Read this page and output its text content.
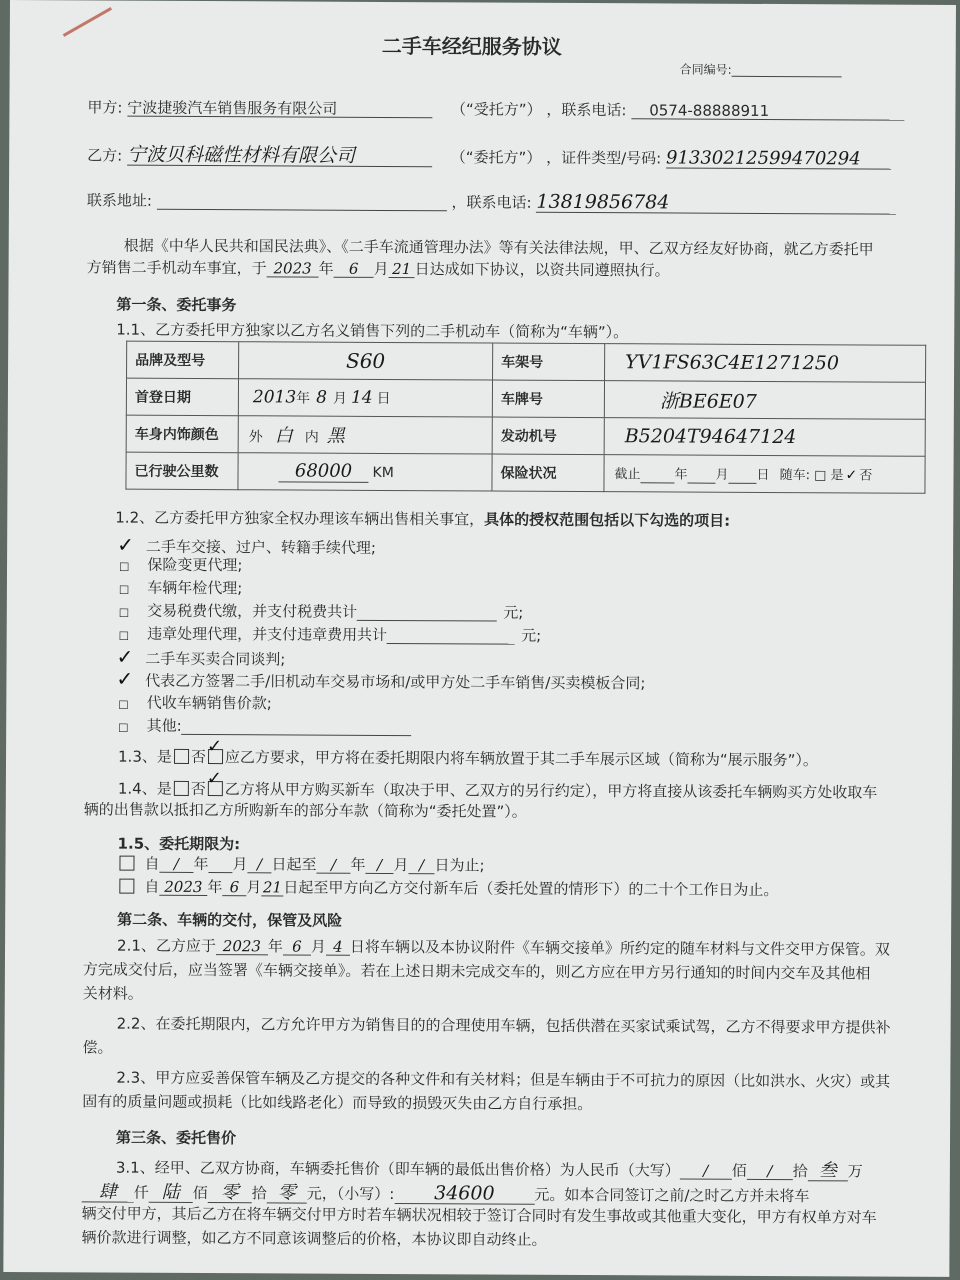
二手车经纪服务协议
合同编号:
甲方: 宁波捷骏汽车销售服务有限公司	（“受托方”） ，联系电话: 0574-88888911
乙方: 宁波贝科磁性材料有限公司	（“委托方”） ，证件类型/号码: 91330212599470294
联系地址:	，联系电话: 13819856784
根据《中华人民共和国民法典》、《二手车流通管理办法》等有关法律法规，甲、乙双方经友好协商，就乙方委托甲
方销售二手机动车事宜，于 2023 年 6 月 21 日达成如下协议，以资共同遵照执行。
第一条、委托事务
1.1、乙方委托甲方独家以乙方名义销售下列的二手机动车（简称为“车辆”）。
品牌及型号	S60	车架号	YV1FS63C4E1271250
首登日期	2013年 8 月 14 日	车牌号	浙BE6E07
车身内饰颜色	外 白 内 黑	发动机号	B5204T94647124
已行驶公里数	68000 KM	保险状况	截止 年 月 日 随车: □ 是 ✓ 否
1.2、乙方委托甲方独家全权办理该车辆出售相关事宜，具体的授权范围包括以下勾选的项目:
✓ 二手车交接、过户、转籍手续代理;
□ 保险变更代理;
□ 车辆年检代理;
□ 交易税费代缴，并支付税费共计	元;
□ 违章处理代理，并支付违章费用共计	元;
✓ 二手车买卖合同谈判;
✓ 代表乙方签署二手/旧机动车交易市场和/或甲方处二手车销售/买卖模板合同;
□ 代收车辆销售价款;
□ 其他:
1.3、是 否 ✓
应乙方要求，甲方将在委托期限内将车辆放置于其二手车展示区域（简称为“展示服务”）。
1.4、是 否 ✓
乙方将从甲方购买新车（取决于甲、乙双方的另行约定），甲方将直接从该委托车辆购买方处收取车
辆的出售款以抵扣乙方所购新车的部分车款（简称为“委托处置”）。
1.5、委托期限为:
自 / 年 月 / 日起至 / 年 / 月 / 日为止;
自 2023 年 6 月21日起至甲方向乙方交付新车后（委托处置的情形下）的二十个工作日为止。
第二条、车辆的交付，保管及风险
2.1、乙方应于 2023 年 6 月 4 日将车辆以及本协议附件《车辆交接单》所约定的随车材料与文件交甲方保管。双
方完成交付后，应当签署《车辆交接单》。若在上述日期未完成交车的，则乙方应在甲方另行通知的时间内交车及其他相
关材料。
2.2、在委托期限内，乙方允许甲方为销售目的的合理使用车辆，包括供潜在买家试乘试驾，乙方不得要求甲方提供补
偿。
2.3、甲方应妥善保管车辆及乙方提交的各种文件和有关材料；但是车辆由于不可抗力的原因（比如洪水、火灾）或其
固有的质量问题或损耗（比如线路老化）而导致的损毁灭失由乙方自行承担。
第三条、委托售价
3.1、经甲、乙双方协商，车辆委托售价（即车辆的最低出售价格）为人民币（大写） / 佰 / 拾 叁 万
肆 仟 陆 佰 零 拾 零 元，（小写）: 34600	元。如本合同签订之前/之时乙方并未将车
辆交付甲方，其后乙方在将车辆交付甲方时若车辆状况相较于签订合同时有发生事故或其他重大变化，甲方有权单方对车
辆价款进行调整，如乙方不同意该调整后的价格，本协议即自动终止。
